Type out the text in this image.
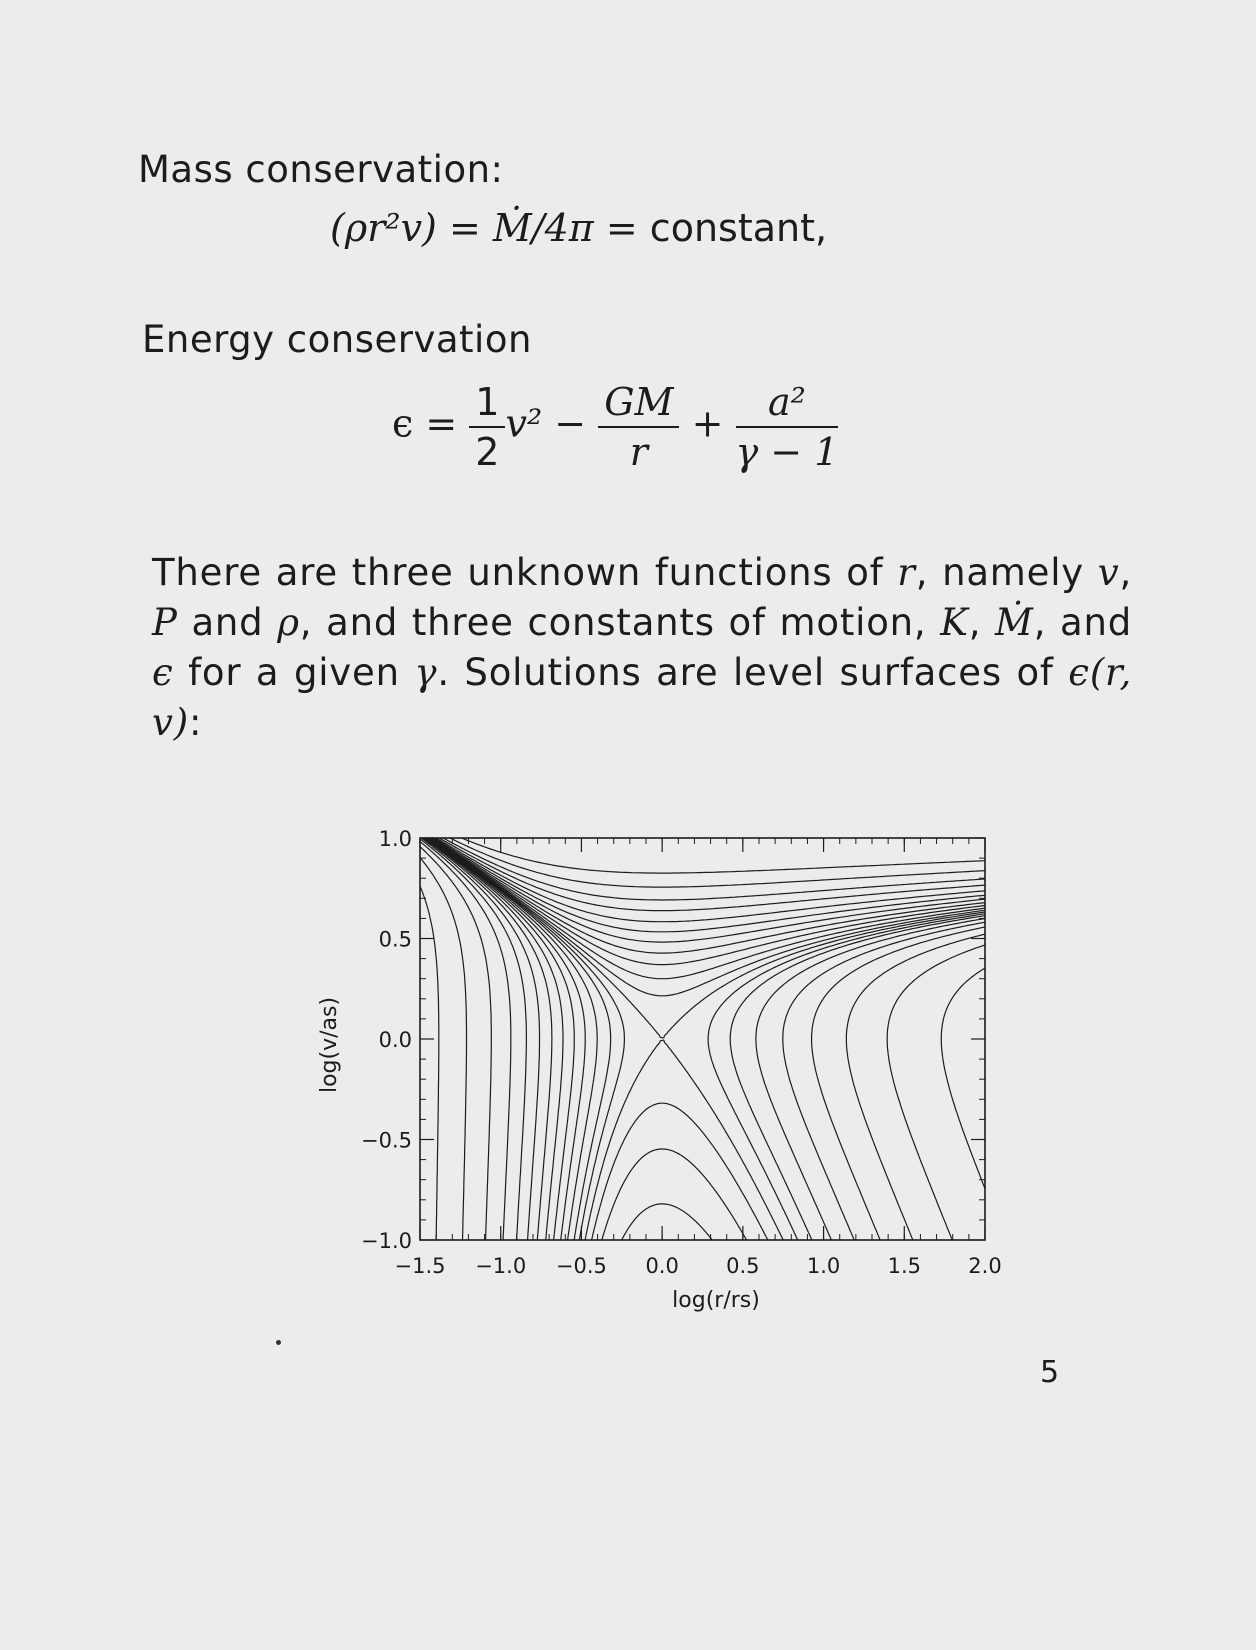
Mass conservation:
(ρr²v) = Ṁ/4π = constant,
Energy conservation
$\epsilon = \frac{1}{2} v^2 - \frac{GM}{r} + \frac{\text{a²}}{\gamma - 1}$

There are three unknown functions of r, namely v, P and ρ, and three constants of motion, K, Ṁ, and ϵ for a given γ. Solutions are level surfaces of ϵ(r, v):

−1.5 −1.0 −0.5 0.0 0.5 1.0 1.5 2.0
1.0
0.5
0.0
−0.5
−1.0
log(r/rs)
log(v/as)
5
